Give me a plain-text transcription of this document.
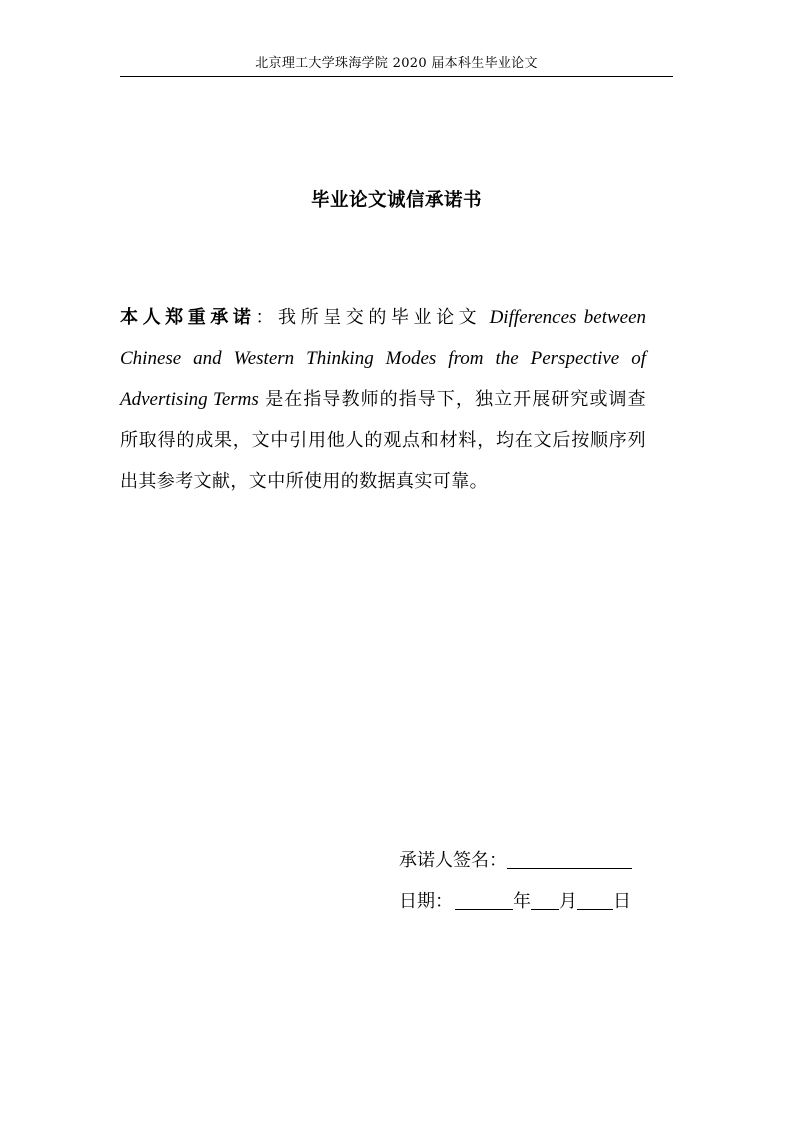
北京理工大学珠海学院 2020 届本科生毕业论文
毕业论文诚信承诺书

本人郑重承诺：我所呈交的毕业论文 Differences between Chinese and Western Thinking Modes from the Perspective of Advertising Terms 是在指导教师的指导下，独立开展研究或调查所取得的成果，文中引用他人的观点和材料，均在文后按顺序列出其参考文献，文中所使用的数据真实可靠。

承诺人签名：
日期：	年 月 日
